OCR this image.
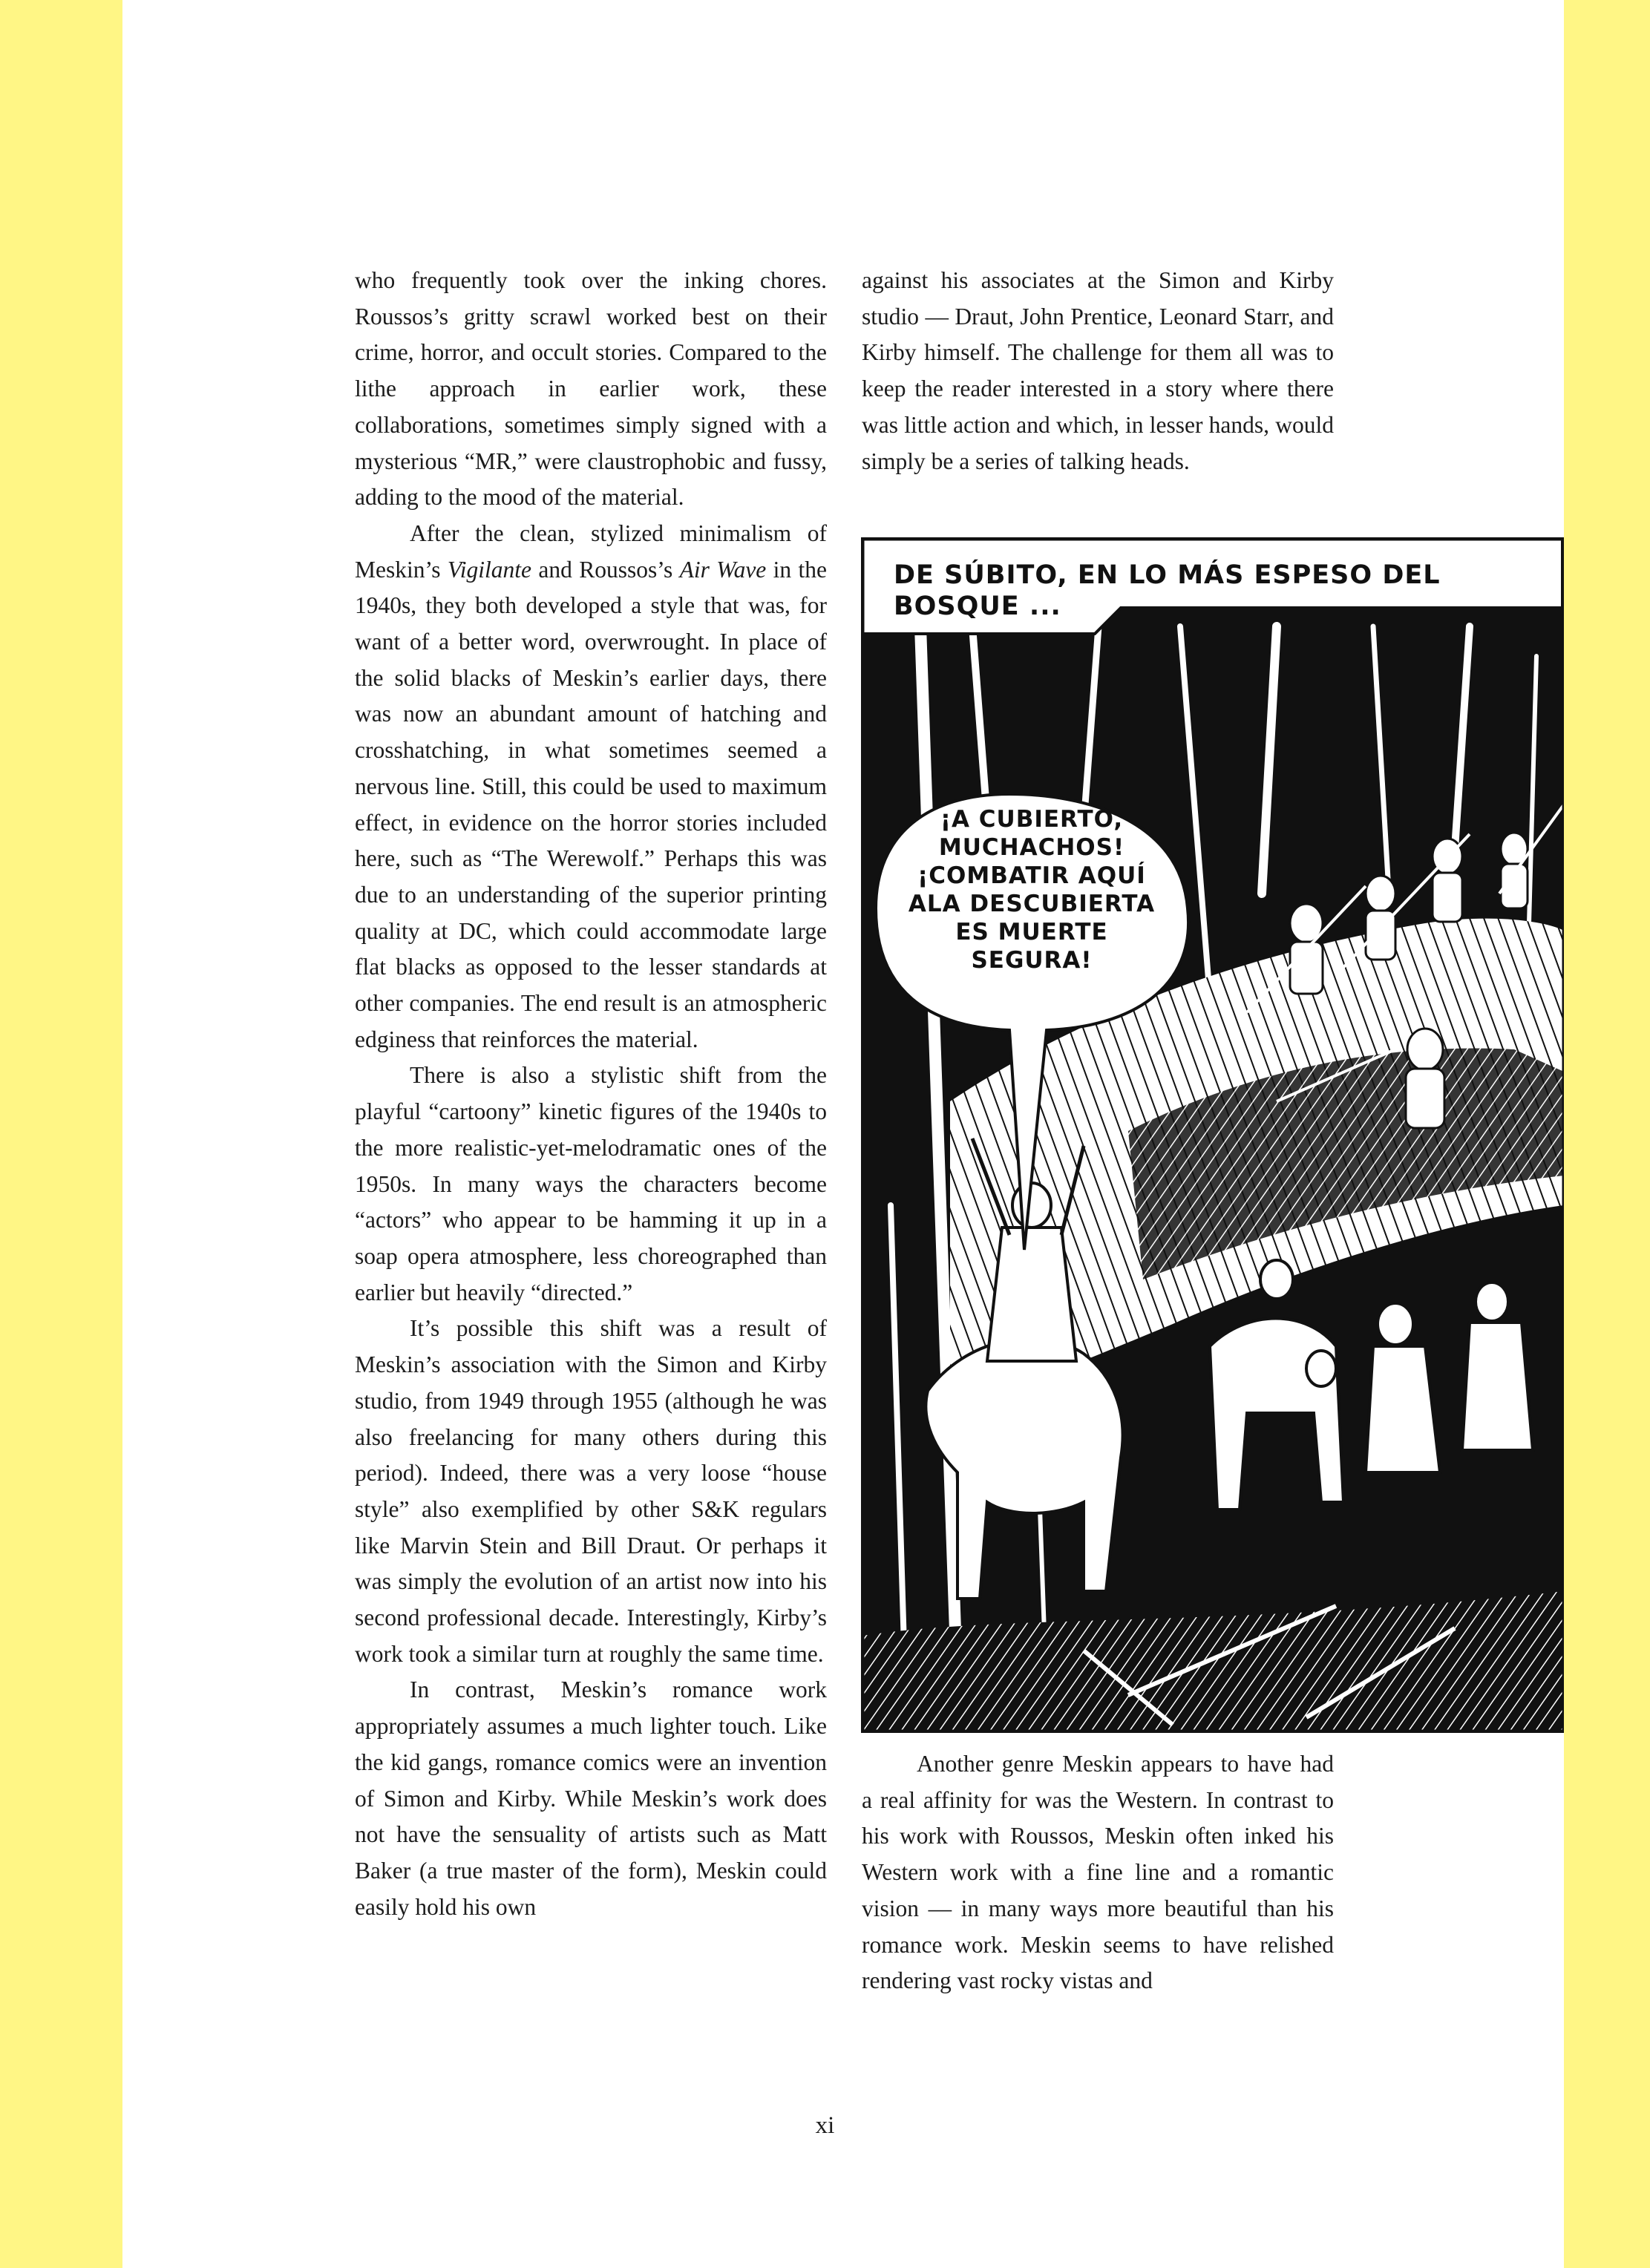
who frequently took over the inking chores. Roussos’s gritty scrawl worked best on their crime, horror, and occult stories. Compared to the lithe approach in earlier work, these collaborations, sometimes simply signed with a mysterious “MR,” were claustrophobic and fussy, adding to the mood of the material.

After the clean, stylized minimalism of Meskin’s Vigilante and Roussos’s Air Wave in the 1940s, they both developed a style that was, for want of a better word, overwrought. In place of the solid blacks of Meskin’s earlier days, there was now an abundant amount of hatching and crosshatching, in what sometimes seemed a nervous line. Still, this could be used to maximum effect, in evidence on the horror stories included here, such as “The Werewolf.” Perhaps this was due to an understanding of the superior printing quality at DC, which could accommodate large flat blacks as opposed to the lesser standards at other companies. The end result is an atmospheric edginess that reinforces the material.

There is also a stylistic shift from the playful “cartoony” kinetic figures of the 1940s to the more realistic-yet-melodramatic ones of the 1950s. In many ways the characters become “actors” who appear to be hamming it up in a soap opera atmosphere, less choreographed than earlier but heavily “directed.”

It’s possible this shift was a result of Meskin’s association with the Simon and Kirby studio, from 1949 through 1955 (although he was also freelancing for many others during this period). Indeed, there was a very loose “house style” also exemplified by other S&K regulars like Marvin Stein and Bill Draut. Or perhaps it was simply the evolution of an artist now into his second professional decade. Interestingly, Kirby’s work took a similar turn at roughly the same time.

In contrast, Meskin’s romance work appropriately assumes a much lighter touch. Like the kid gangs, romance comics were an invention of Simon and Kirby. While Meskin’s work does not have the sensuality of artists such as Matt Baker (a true master of the form), Meskin could easily hold his own

against his associates at the Simon and Kirby studio — Draut, John Prentice, Leonard Starr, and Kirby himself. The challenge for them all was to keep the reader interested in a story where there was little action and which, in lesser hands, would simply be a series of talking heads.

DE SÚBITO, EN LO MÁS ESPESO DEL
BOSQUE ...
¡A CUBIERTO,
MUCHACHOS!
¡COMBATIR AQUÍ
ALA DESCUBIERTA
ES MUERTE
SEGURA!

Another genre Meskin appears to have had a real affinity for was the Western. In contrast to his work with Roussos, Meskin often inked his Western work with a fine line and a romantic vision — in many ways more beautiful than his romance work. Meskin seems to have relished rendering vast rocky vistas and

xi
